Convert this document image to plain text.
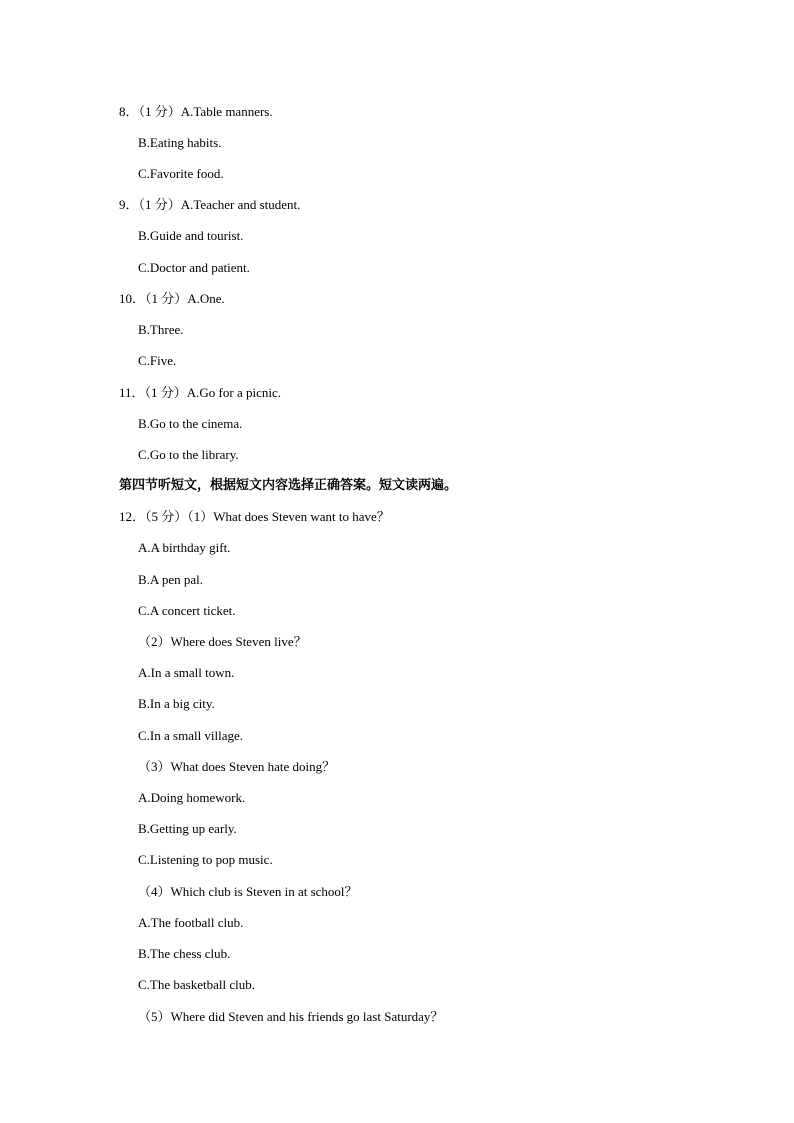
8．（1 分）A.Table manners.
B.Eating habits.
C.Favorite food.
9．（1 分）A.Teacher and student.
B.Guide and tourist.
C.Doctor and patient.
10．（1 分）A.One.
B.Three.
C.Five.
11．（1 分）A.Go for a picnic.
B.Go to the cinema.
C.Go to the library.
第四节听短文，根据短文内容选择正确答案。短文读两遍。
12．（5 分）（1）What does Steven want to have？
A.A birthday gift.
B.A pen pal.
C.A concert ticket.
（2）Where does Steven live？
A.In a small town.
B.In a big city.
C.In a small village.
（3）What does Steven hate doing？
A.Doing homework.
B.Getting up early.
C.Listening to pop music.
（4）Which club is Steven in at school？
A.The football club.
B.The chess club.
C.The basketball club.
（5）Where did Steven and his friends go last Saturday？
